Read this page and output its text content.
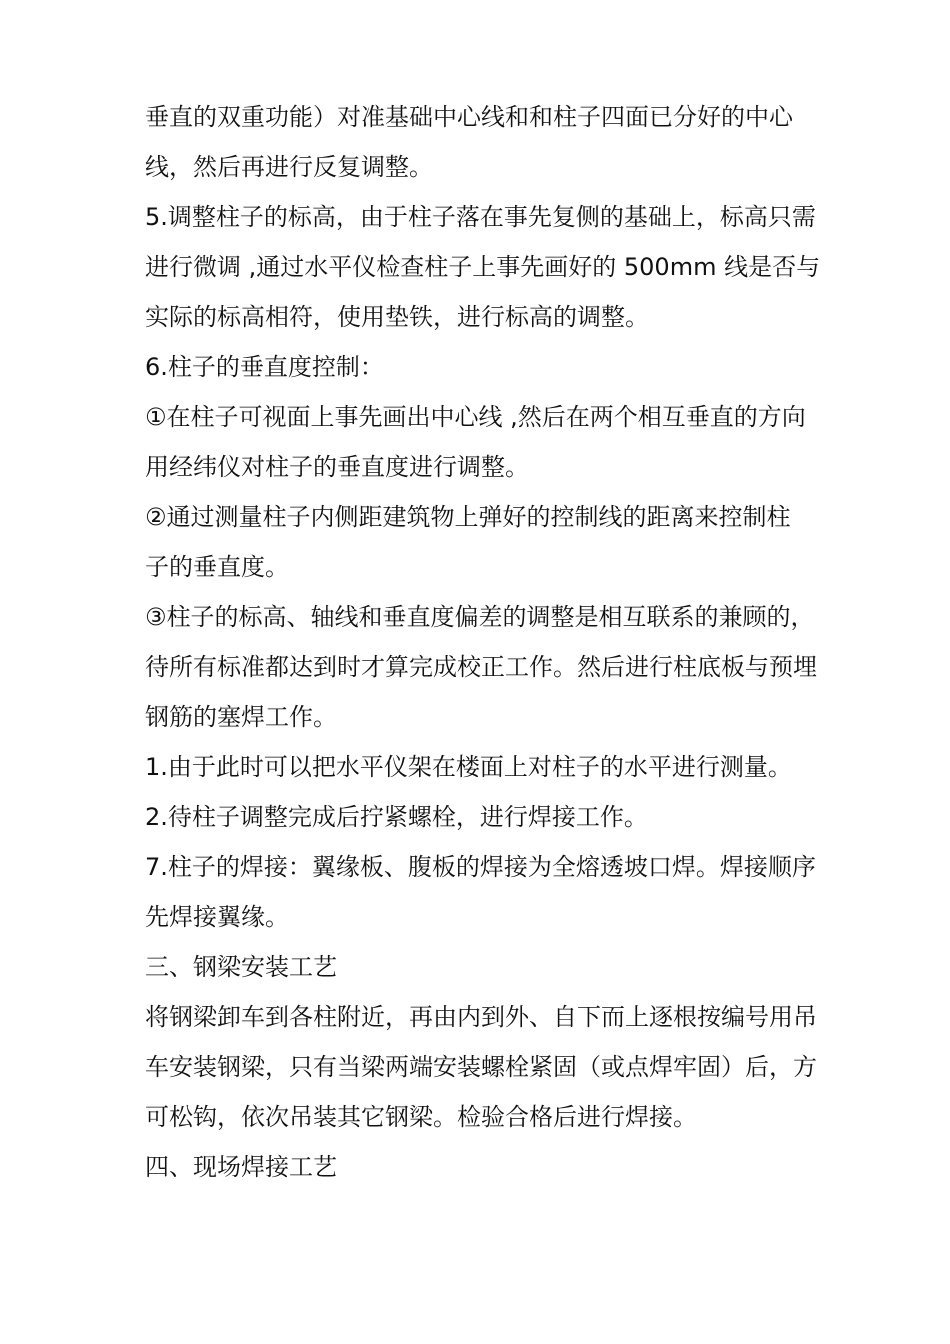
垂直的双重功能）对准基础中心线和和柱子四面已分好的中心
线，然后再进行反复调整。
5.调整柱子的标高，由于柱子落在事先复侧的基础上，标高只需
进行微调 ,通过水平仪检查柱子上事先画好的 500mm 线是否与
实际的标高相符，使用垫铁，进行标高的调整。
6.柱子的垂直度控制：
①在柱子可视面上事先画出中心线 ,然后在两个相互垂直的方向
用经纬仪对柱子的垂直度进行调整。
②通过测量柱子内侧距建筑物上弹好的控制线的距离来控制柱
子的垂直度。
③柱子的标高、轴线和垂直度偏差的调整是相互联系的兼顾的，
待所有标准都达到时才算完成校正工作。然后进行柱底板与预埋
钢筋的塞焊工作。
1.由于此时可以把水平仪架在楼面上对柱子的水平进行测量。
2.待柱子调整完成后拧紧螺栓，进行焊接工作。
7.柱子的焊接：翼缘板、腹板的焊接为全熔透坡口焊。焊接顺序
先焊接翼缘。
三、钢梁安装工艺
将钢梁卸车到各柱附近，再由内到外、自下而上逐根按编号用吊
车安装钢梁，只有当梁两端安装螺栓紧固（或点焊牢固）后，方
可松钩，依次吊装其它钢梁。检验合格后进行焊接。
四、现场焊接工艺
